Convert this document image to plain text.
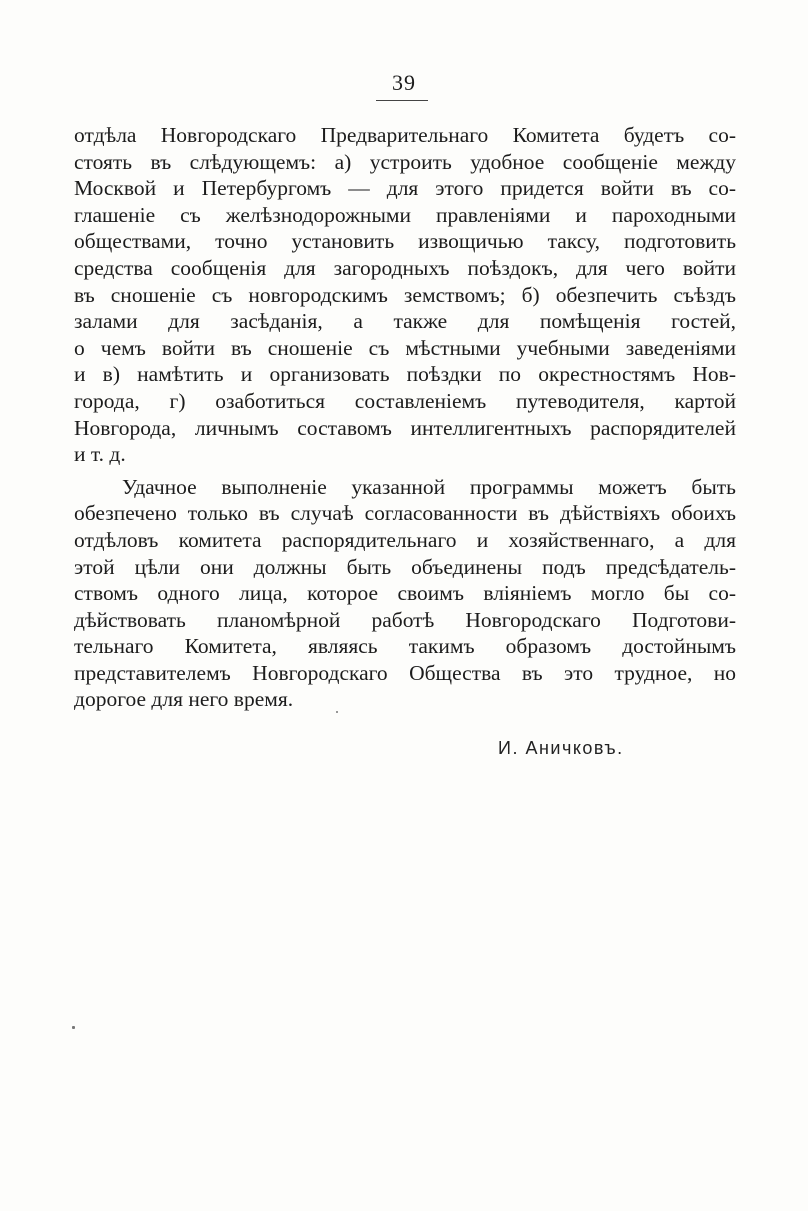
39
отдѣла Новгородскаго Предварительнаго Комитета будетъ со-
стоять въ слѣдующемъ: а) устроить удобное сообщеніе между
Москвой и Петербургомъ — для этого придется войти въ со-
глашеніе съ желѣзнодорожными правленіями и пароходными
обществами, точно установить извощичью таксу, подготовить
средства сообщенія для загородныхъ поѣздокъ, для чего войти
въ сношеніе съ новгородскимъ земствомъ; б) обезпечить съѣздъ
залами для засѣданія, а также для помѣщенія гостей,
о чемъ войти въ сношеніе съ мѣстными учебными заведеніями
и в) намѣтить и организовать поѣздки по окрестностямъ Нов-
города, г) озаботиться составленіемъ путеводителя, картой
Новгорода, личнымъ составомъ интеллигентныхъ распорядителей
и т. д.
Удачное выполненіе указанной программы можетъ быть
обезпечено только въ случаѣ согласованности въ дѣйствіяхъ обоихъ
отдѣловъ комитета распорядительнаго и хозяйственнаго, а для
этой цѣли они должны быть объединены подъ предсѣдатель-
ствомъ одного лица, которое своимъ вліяніемъ могло бы со-
дѣйствовать планомѣрной работѣ Новгородскаго Подготови-
тельнаго Комитета, являясь такимъ образомъ достойнымъ
представителемъ Новгородскаго Общества въ это трудное, но
дорогое для него время.
И. Аничковъ.
